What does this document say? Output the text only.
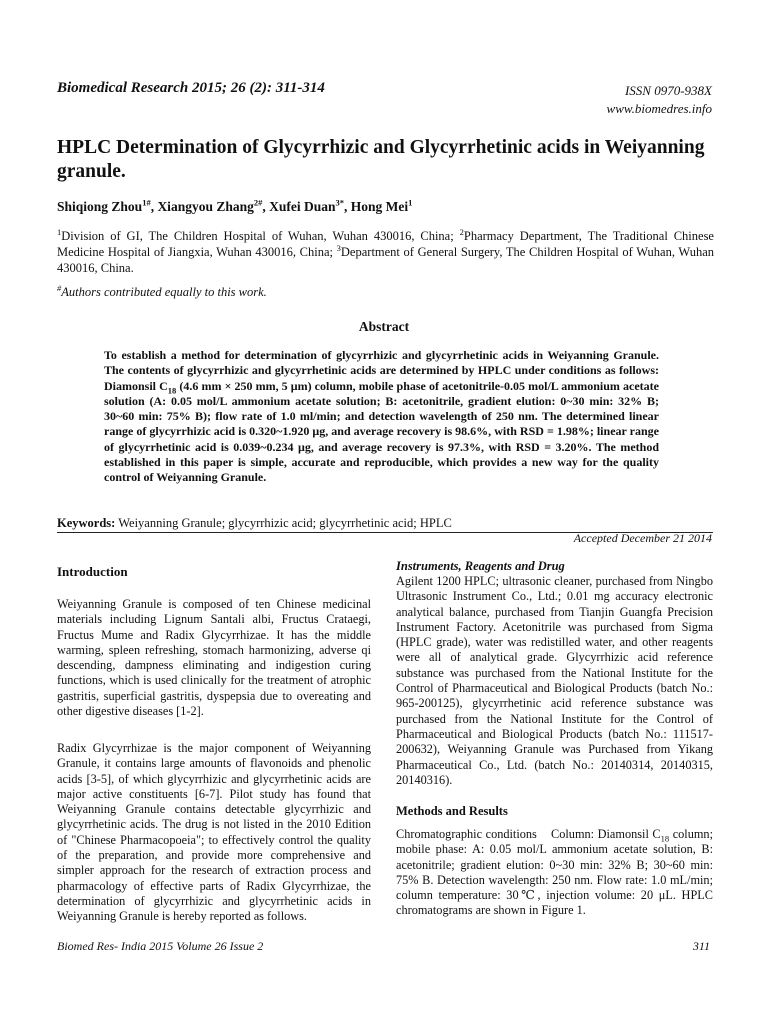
Biomedical Research 2015; 26 (2): 311-314	ISSN 0970-938X
www.biomedres.info
HPLC Determination of Glycyrrhizic and Glycyrrhetinic acids in Weiyanning granule.
Shiqiong Zhou$^{1\#}$, Xiangyou Zhang$^{2\#}$, Xufei Duan$^{3*}$, Hong Mei$^1$
$^1$Division of GI, The Children Hospital of Wuhan, Wuhan 430016, China; $^2$Pharmacy Department, The Traditional Chinese Medicine Hospital of Jiangxia, Wuhan 430016, China; $^3$Department of General Surgery, The Children Hospital of Wuhan, Wuhan 430016, China.
#Authors contributed equally to this work.
Abstract
To establish a method for determination of glycyrrhizic and glycyrrhetinic acids in Weiyanning Granule. The contents of glycyrrhizic and glycyrrhetinic acids are determined by HPLC under conditions as follows: Diamonsil $C_{18}$ (4.6 mm × 250 mm, 5 μm) column, mobile phase of acetonitrile-0.05 mol/L ammonium acetate solution (A: 0.05 mol/L ammonium acetate solution; B: acetonitrile, gradient elution: 0~30 min: 32% B; 30~60 min: 75% B); flow rate of 1.0 ml/min; and detection wavelength of 250 nm. The determined linear range of glycyrrhizic acid is 0.320~1.920 μg, and average recovery is 98.6%, with RSD = 1.98%; linear range of glycyrrhetinic acid is 0.039~0.234 μg, and average recovery is 97.3%, with RSD = 3.20%. The method established in this paper is simple, accurate and reproducible, which provides a new way for the quality control of Weiyanning Granule.
Keywords: Weiyanning Granule; glycyrrhizic acid; glycyrrhetinic acid; HPLC
Accepted December 21 2014
Introduction

Weiyanning Granule is composed of ten Chinese medicinal materials including Lignum Santali albi, Fructus Crataegi, Fructus Mume and Radix Glycyrrhizae. It has the middle warming, spleen refreshing, stomach harmonizing, adverse qi descending, dampness eliminating and indigestion curing functions, which is used clinically for the treatment of atrophic gastritis, superficial gastritis, dyspepsia due to overeating and other digestive diseases [1-2].

Radix Glycyrrhizae is the major component of Weiyanning Granule, it contains large amounts of flavonoids and phenolic acids [3-5], of which glycyrrhizic and glycyrrhetinic acids are major active constituents [6-7]. Pilot study has found that Weiyanning Granule contains detectable glycyrrhizic and glycyrrhetinic acids. The drug is not listed in the 2010 Edition of "Chinese Pharmacopoeia"; to effectively control the quality of the preparation, and provide more comprehensive and simpler approach for the research of extraction process and pharmacology of effective parts of Radix Glycyrrhizae, the determination of glycyrrhizic and glycyrrhetinic acids in Weiyanning Granule is hereby reported as follows.

Instruments, Reagents and Drug

Agilent 1200 HPLC; ultrasonic cleaner, purchased from Ningbo Ultrasonic Instrument Co., Ltd.; 0.01 mg accuracy electronic analytical balance, purchased from Tianjin Guangfa Precision Instrument Factory. Acetonitrile was purchased from Sigma (HPLC grade), water was redistilled water, and other reagents were all of analytical grade. Glycyrrhizic acid reference substance was purchased from the National Institute for the Control of Pharmaceutical and Biological Products (batch No.: 965-200125), glycyrrhetinic acid reference substance was purchased from the National Institute for the Control of Pharmaceutical and Biological Products (batch No.: 111517-200632), Weiyanning Granule was Purchased from Yikang Pharmaceutical Co., Ltd. (batch No.: 20140314, 20140315, 20140316).

Methods and Results

Chromatographic conditions    Column: Diamonsil $C_{18}$ column; mobile phase: A: 0.05 mol/L ammonium acetate solution, B: acetonitrile; gradient elution: 0~30 min: 32% B; 30~60 min: 75% B. Detection wavelength: 250 nm. Flow rate: 1.0 mL/min; column temperature: 30℃, injection volume: 20 μL. HPLC chromatograms are shown in Figure 1.

Biomed Res- India 2015 Volume 26 Issue 2	311
